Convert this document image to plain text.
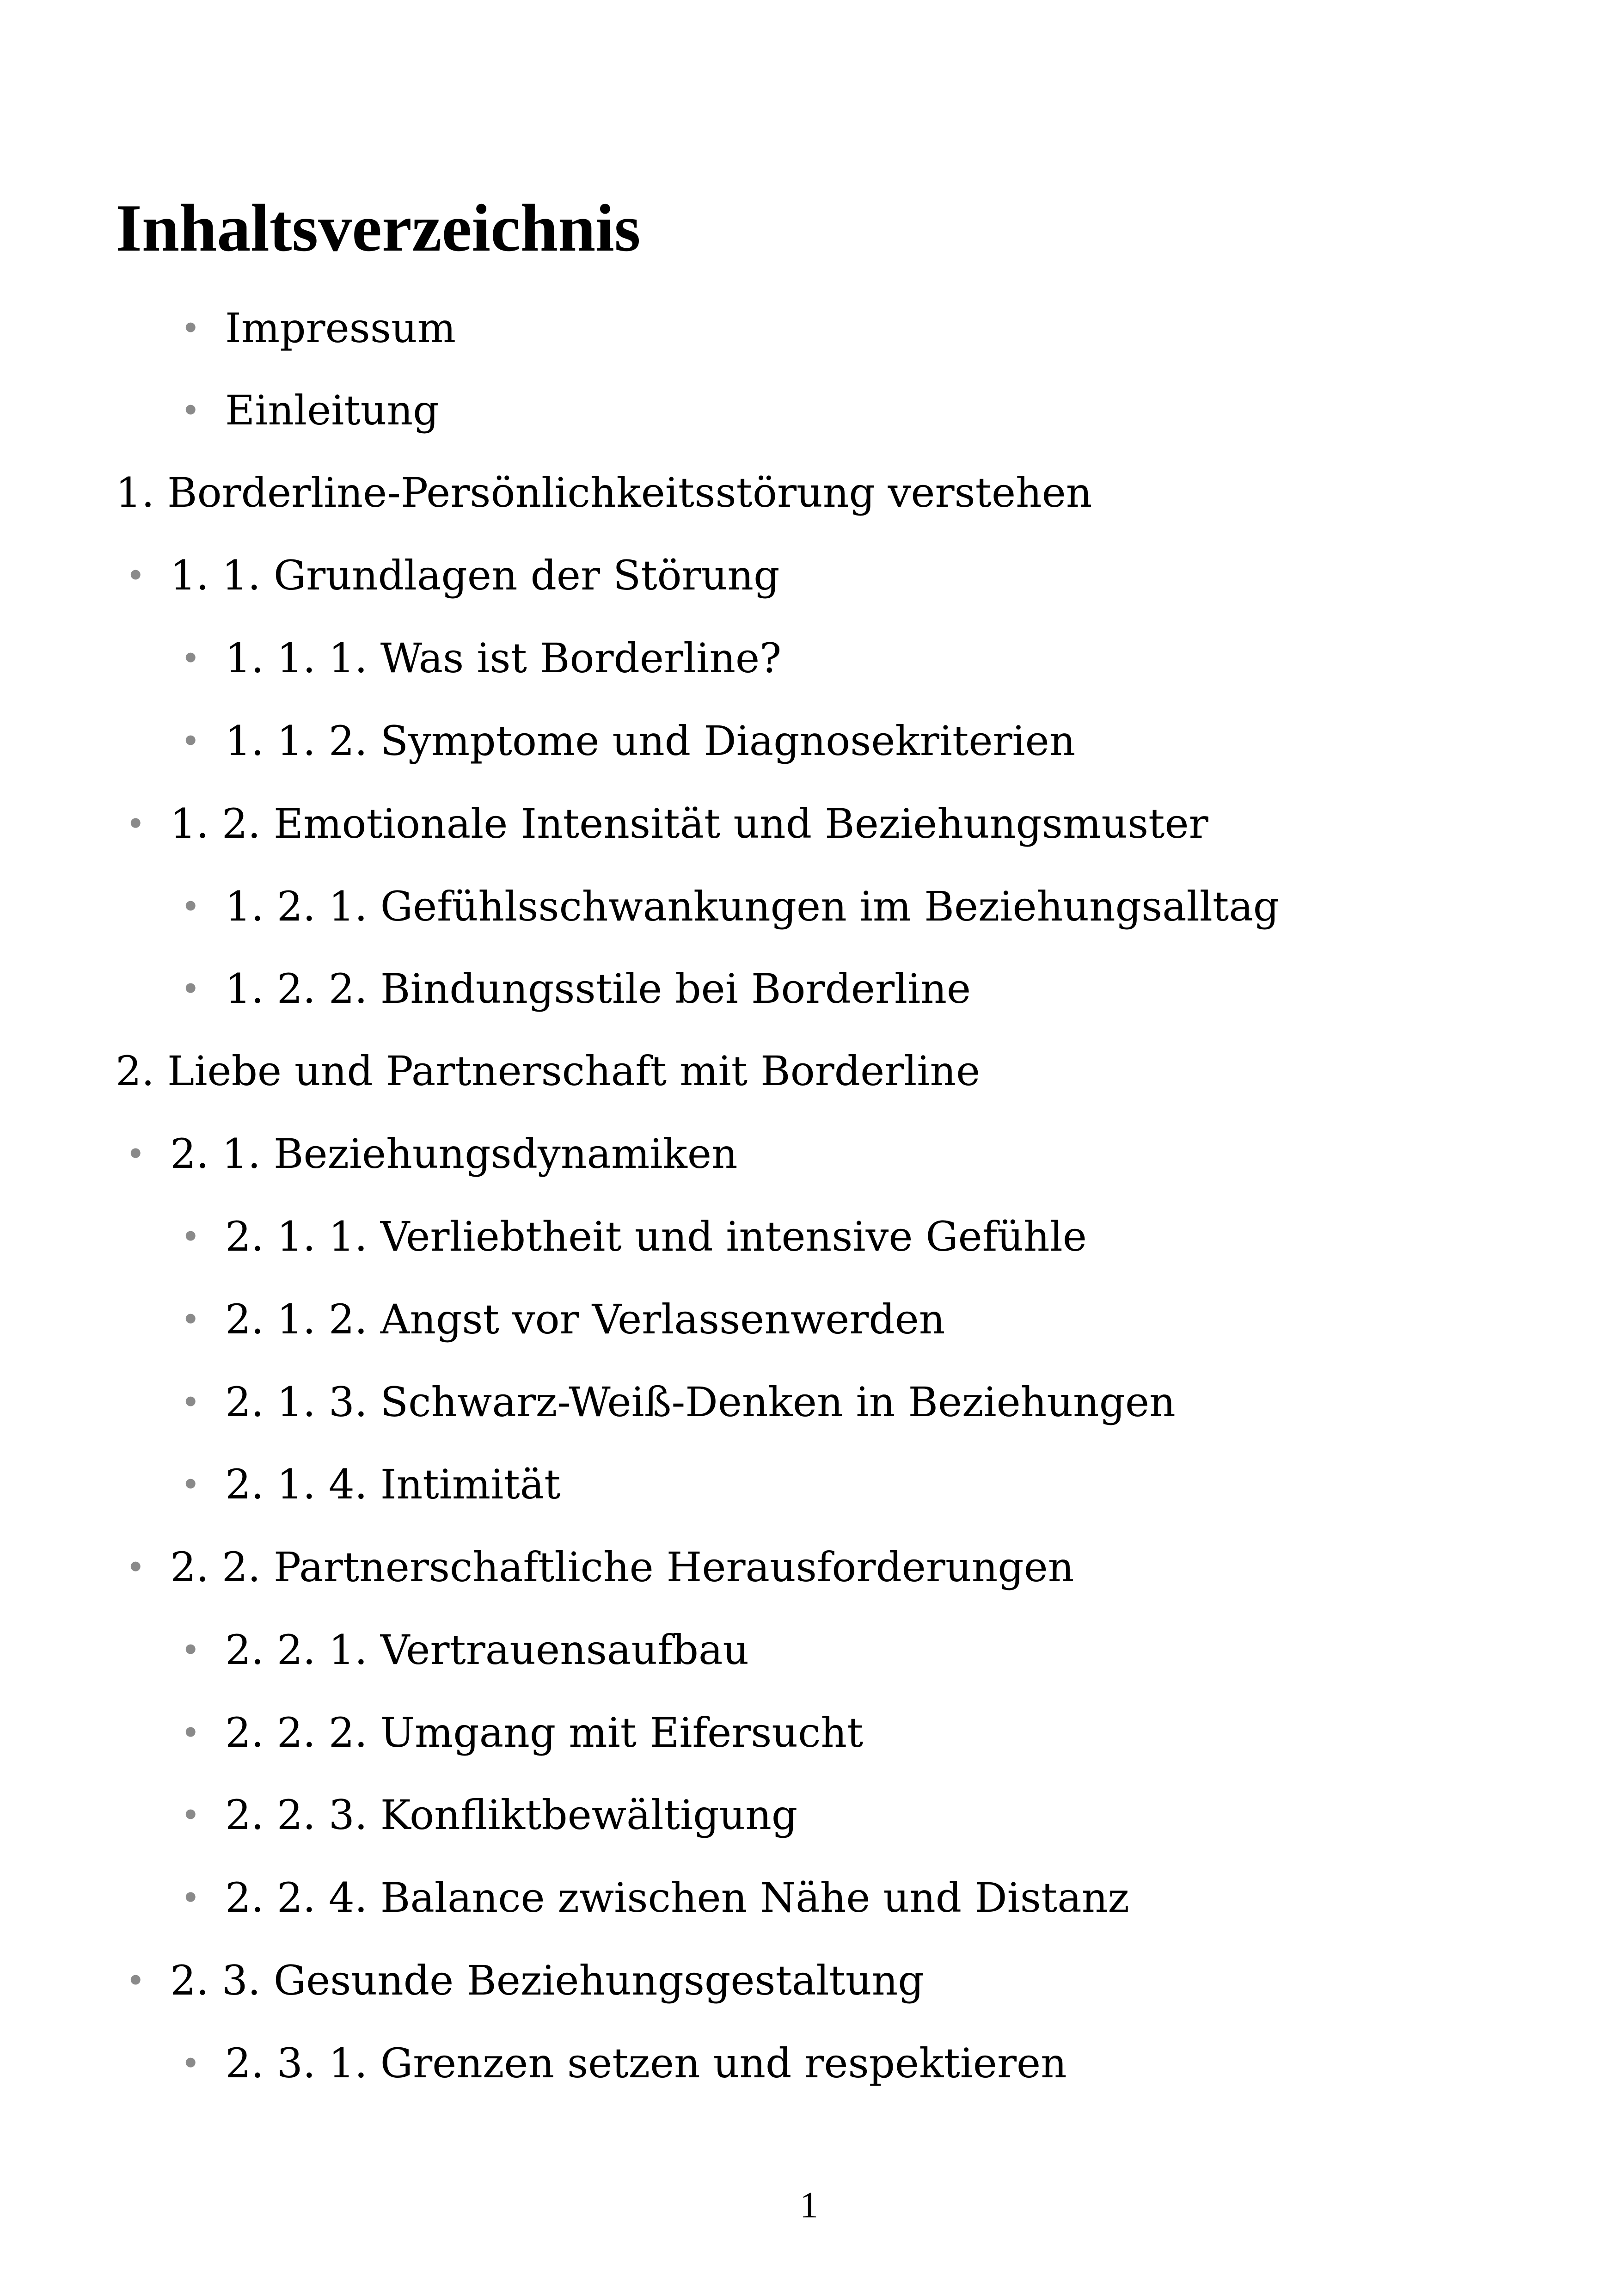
Inhaltsverzeichnis
• Impressum
• Einleitung
1. Borderline-Persönlichkeitsstörung verstehen
• 1. 1. Grundlagen der Störung
• 1. 1. 1. Was ist Borderline?
• 1. 1. 2. Symptome und Diagnosekriterien
• 1. 2. Emotionale Intensität und Beziehungsmuster
• 1. 2. 1. Gefühlsschwankungen im Beziehungsalltag
• 1. 2. 2. Bindungsstile bei Borderline
2. Liebe und Partnerschaft mit Borderline
• 2. 1. Beziehungsdynamiken
• 2. 1. 1. Verliebtheit und intensive Gefühle
• 2. 1. 2. Angst vor Verlassenwerden
• 2. 1. 3. Schwarz-Weiß-Denken in Beziehungen
• 2. 1. 4. Intimität
• 2. 2. Partnerschaftliche Herausforderungen
• 2. 2. 1. Vertrauensaufbau
• 2. 2. 2. Umgang mit Eifersucht
• 2. 2. 3. Konfliktbewältigung
• 2. 2. 4. Balance zwischen Nähe und Distanz
• 2. 3. Gesunde Beziehungsgestaltung
• 2. 3. 1. Grenzen setzen und respektieren
1
